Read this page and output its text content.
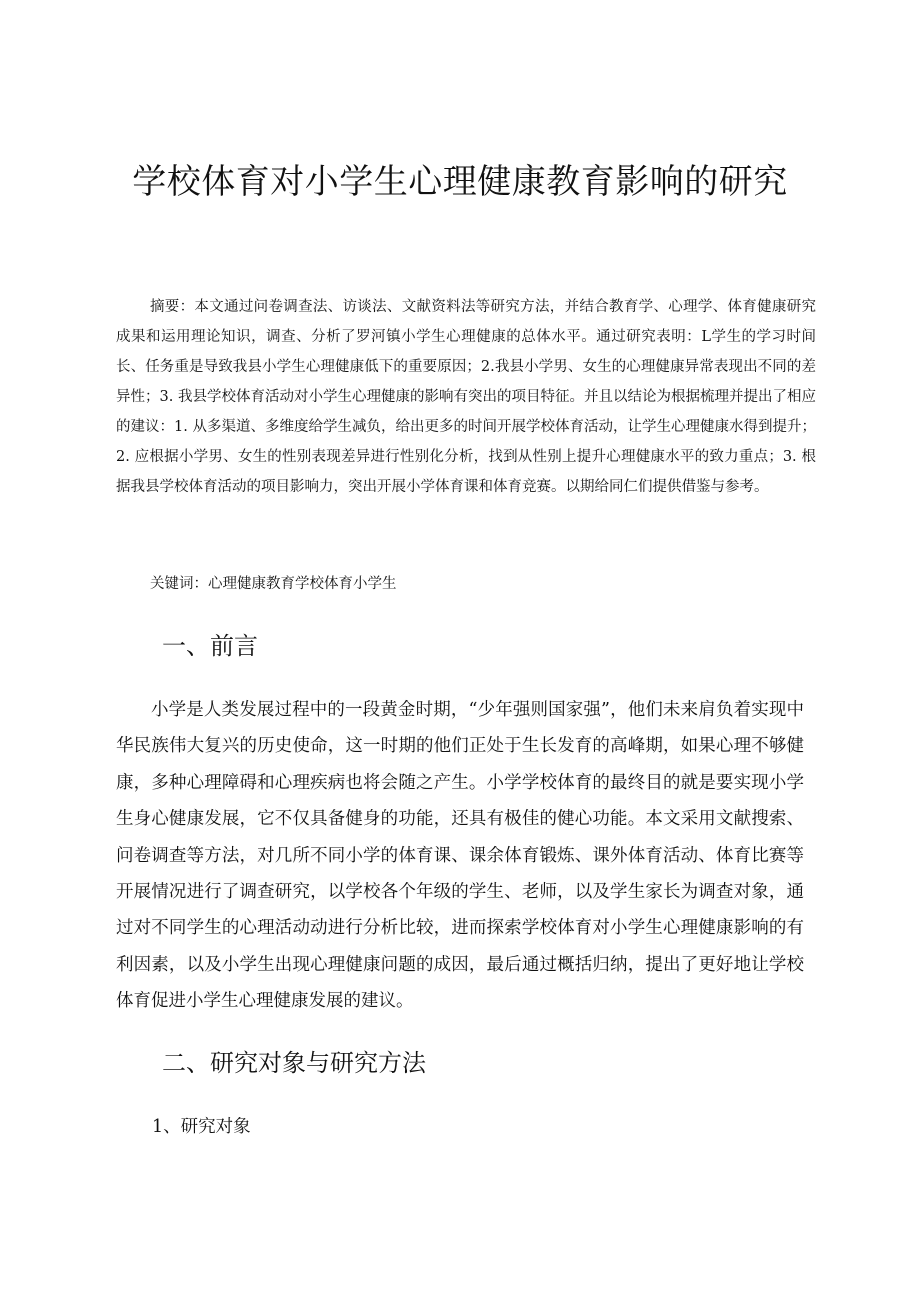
学校体育对小学生心理健康教育影响的研究

摘要：本文通过问卷调查法、访谈法、文献资料法等研究方法，并结合教育学、心理学、体育健康研究成果和运用理论知识，调查、分析了罗河镇小学生心理健康的总体水平。通过研究表明：L学生的学习时间长、任务重是导致我县小学生心理健康低下的重要原因；2.我县小学男、女生的心理健康异常表现出不同的差异性；3. 我县学校体育活动对小学生心理健康的影响有突出的项目特征。并且以结论为根据梳理并提出了相应的建议：1. 从多渠道、多维度给学生减负，给出更多的时间开展学校体育活动，让学生心理健康水得到提升；2. 应根据小学男、女生的性别表现差异进行性别化分析，找到从性别上提升心理健康水平的致力重点；3. 根据我县学校体育活动的项目影响力，突出开展小学体育课和体育竞赛。以期给同仁们提供借鉴与参考。

关键词：心理健康教育学校体育小学生

一、前言

小学是人类发展过程中的一段黄金时期，“少年强则国家强”，他们未来肩负着实现中华民族伟大复兴的历史使命，这一时期的他们正处于生长发育的高峰期，如果心理不够健康，多种心理障碍和心理疾病也将会随之产生。小学学校体育的最终目的就是要实现小学生身心健康发展，它不仅具备健身的功能，还具有极佳的健心功能。本文采用文献搜索、问卷调查等方法，对几所不同小学的体育课、课余体育锻炼、课外体育活动、体育比赛等开展情况进行了调查研究，以学校各个年级的学生、老师，以及学生家长为调查对象，通过对不同学生的心理活动动进行分析比较，进而探索学校体育对小学生心理健康影响的有利因素，以及小学生出现心理健康问题的成因，最后通过概括归纳，提出了更好地让学校体育促进小学生心理健康发展的建议。

二、研究对象与研究方法
1、研究对象
